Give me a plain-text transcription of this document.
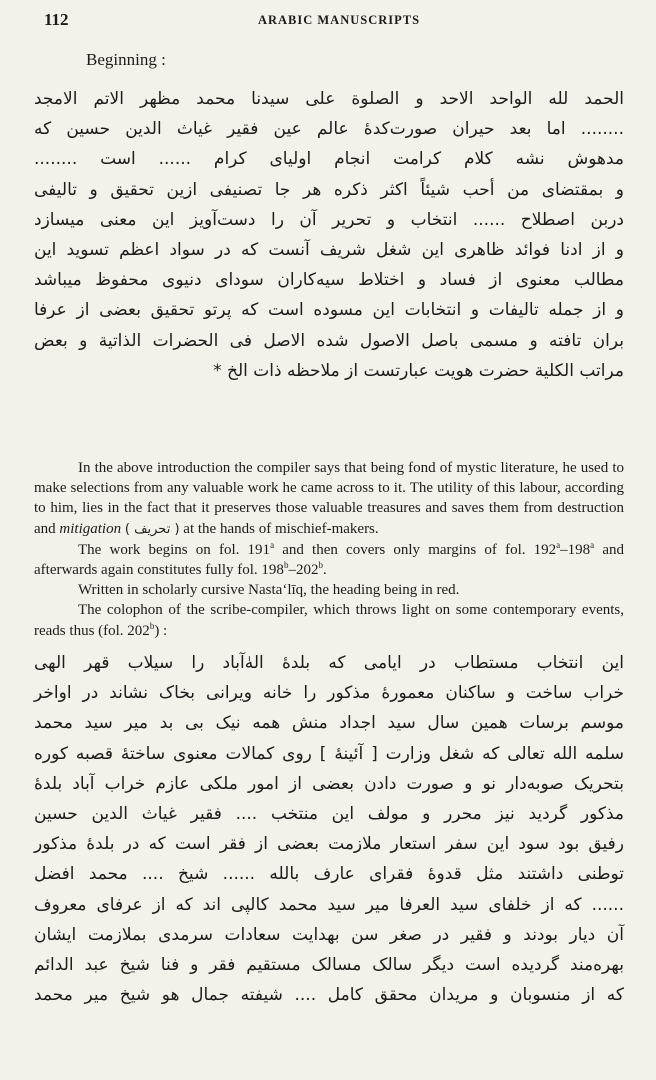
112	ARABIC MANUSCRIPTS
Beginning :
الحمد لله الواحد الاحد و الصلوة علی سیدنا محمد مظهر الاتم الامجد
........ اما بعد حیران صورت‌کدهٔ عالم عین فقیر غیاث الدین حسین که
مدهوش نشه کلام کرامت انجام اولیای کرام ...... است ........
و بمقتضای من أحب شیئاً اکثر ذکره هر جا تصنیفی ازین تحقیق و تالیفی
دربن اصطلاح ...... انتخاب و تحریر آن را دست‌آویز این معنی میسازد
و از ادنا فوائد ظاهری این شغل شریف آنست که در سواد اعظم تسوید این
مطالب معنوی از فساد و اختلاط سیه‌کاران سودای دنیوی محفوظ میباشد
و از جمله تالیفات و انتخابات این مسوده است که پرتو تحقیق بعضی از عرفا
بران تافته و مسمی باصل الاصول شده الاصل فی الحضرات الذاتیة و بعض
مراتب الکلیة حضرت هویت عبارتست از ملاحظه ذات الخ *

In the above introduction the compiler says that being fond of mystic literature, he used to make selections from any valuable work he came across to it. The utility of this labour, according to him, lies in the fact that it preserves those valuable treasures and saves them from destruction and mitigation ( تحریف ) at the hands of mischief-makers.

The work begins on fol. 191$^a$ and then covers only margins of fol. 192$^a$–198$^a$ and afterwards again constitutes fully fol. 198$^b$–202$^b$.

Written in scholarly cursive Nasta‘līq, the heading being in red.

The colophon of the scribe-compiler, which throws light on some contemporary events, reads thus (fol. 202$^b$) :

این انتخاب مستطاب در ایامی که بلدهٔ الهٰ‌آباد را سیلاب قهر الهی
خراب ساخت و ساکنان معمورهٔ مذکور را خانه ویرانی بخاک نشاند در اواخر
موسم برسات همین سال سید اجداد منش همه نیک بی بد میر سید محمد
سلمه الله تعالی که شغل وزارت [ آئینهٔ ] روی کمالات معنوی ساختهٔ قصبه کوره
بتحریک صوبه‌دار نو و صورت دادن بعضی از امور ملکی عازم خراب آباد بلدهٔ
مذکور گردید نیز محرر و مولف این منتخب .... فقیر غیاث الدین حسین
رفیق بود سود این سفر استعار ملازمت بعضی از فقر است که در بلدهٔ مذکور
توطنی داشتند مثل قدوهٔ فقرای عارف بالله ...... شیخ .... محمد افضل
...... که از خلفای سید العرفا میر سید محمد کالپی اند که از عرفای معروف
آن دیار بودند و فقیر در صغر سن بهدایت سعادات سرمدی بملازمت ایشان
بهره‌مند گردیده است دیگر سالک مسالک مستقیم فقر و فنا شیخ عبد الدائم
که از منسوبان و مریدان محقق کامل .... شیفته جمال هو شیخ میر محمد
